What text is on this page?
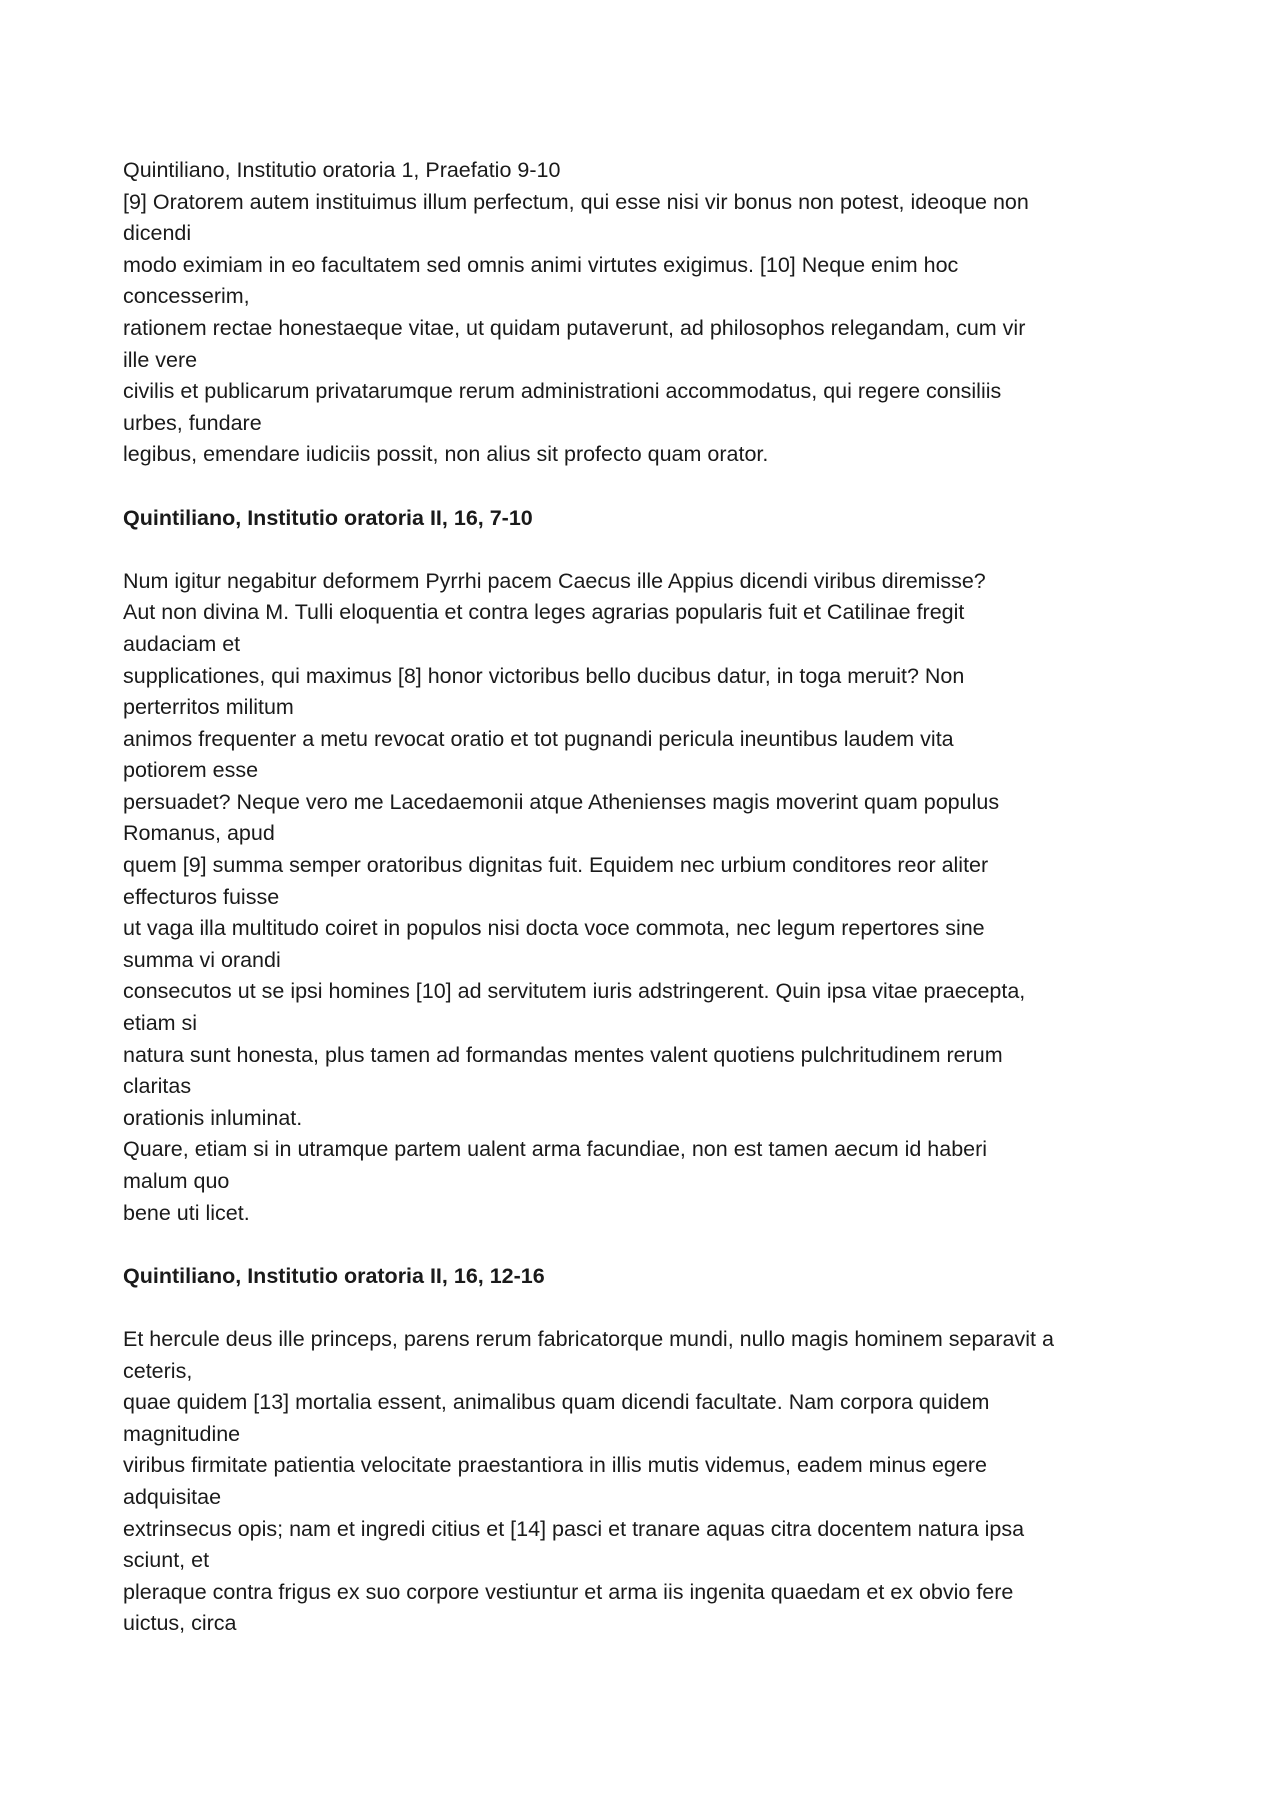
Quintiliano, Institutio oratoria 1, Praefatio 9-10
[9] Oratorem autem instituimus illum perfectum, qui esse nisi vir bonus non potest, ideoque non
dicendi
modo eximiam in eo facultatem sed omnis animi virtutes exigimus. [10] Neque enim hoc
concesserim,
rationem rectae honestaeque vitae, ut quidam putaverunt, ad philosophos relegandam, cum vir
ille vere
civilis et publicarum privatarumque rerum administrationi accommodatus, qui regere consiliis
urbes, fundare
legibus, emendare iudiciis possit, non alius sit profecto quam orator.
Quintiliano, Institutio oratoria II, 16, 7-10
Num igitur negabitur deformem Pyrrhi pacem Caecus ille Appius dicendi viribus diremisse?
Aut non divina M. Tulli eloquentia et contra leges agrarias popularis fuit et Catilinae fregit
audaciam et
supplicationes, qui maximus [8] honor victoribus bello ducibus datur, in toga meruit? Non
perterritos militum
animos frequenter a metu revocat oratio et tot pugnandi pericula ineuntibus laudem vita
potiorem esse
persuadet? Neque vero me Lacedaemonii atque Athenienses magis moverint quam populus
Romanus, apud
quem [9] summa semper oratoribus dignitas fuit. Equidem nec urbium conditores reor aliter
effecturos fuisse
ut vaga illa multitudo coiret in populos nisi docta voce commota, nec legum repertores sine
summa vi orandi
consecutos ut se ipsi homines [10] ad servitutem iuris adstringerent. Quin ipsa vitae praecepta,
etiam si
natura sunt honesta, plus tamen ad formandas mentes valent quotiens pulchritudinem rerum
claritas
orationis inluminat.
Quare, etiam si in utramque partem ualent arma facundiae, non est tamen aecum id haberi
malum quo
bene uti licet.
Quintiliano, Institutio oratoria II, 16, 12-16
Et hercule deus ille princeps, parens rerum fabricatorque mundi, nullo magis hominem separavit a
ceteris,
quae quidem [13] mortalia essent, animalibus quam dicendi facultate. Nam corpora quidem
magnitudine
viribus firmitate patientia velocitate praestantiora in illis mutis videmus, eadem minus egere
adquisitae
extrinsecus opis; nam et ingredi citius et [14] pasci et tranare aquas citra docentem natura ipsa
sciunt, et
pleraque contra frigus ex suo corpore vestiuntur et arma iis ingenita quaedam et ex obvio fere
uictus, circa
